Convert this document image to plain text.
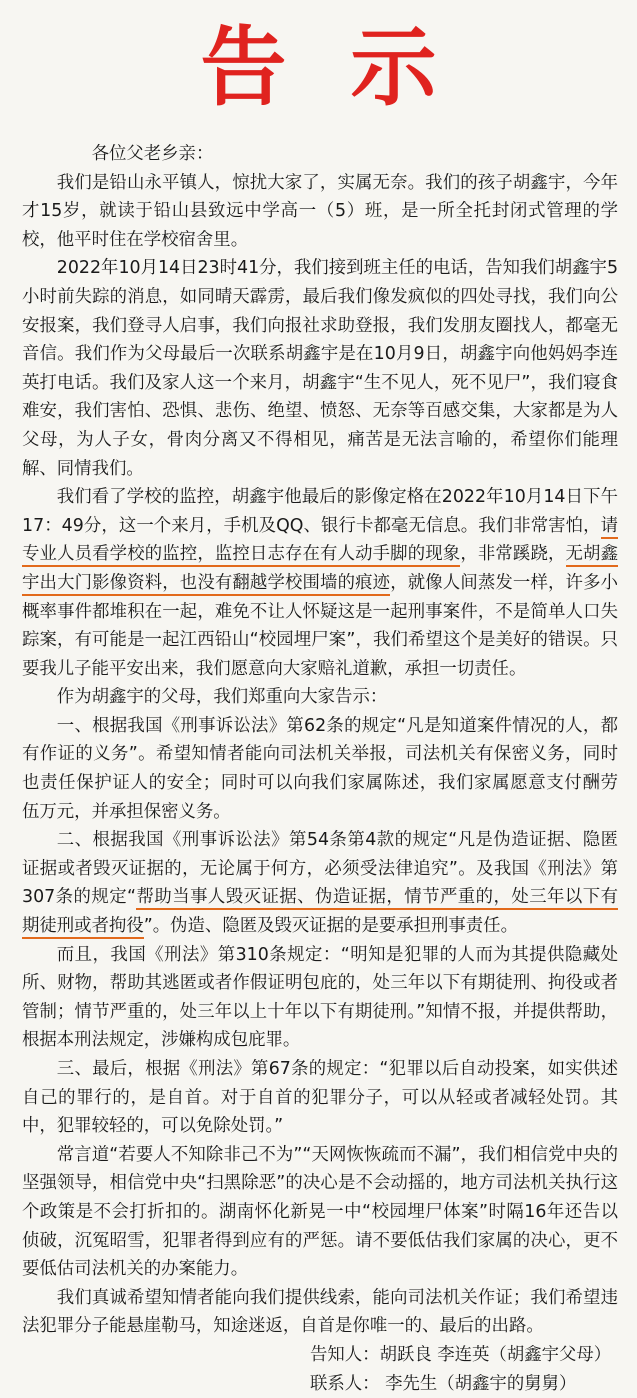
告示

各位父老乡亲：

我们是铅山永平镇人，惊扰大家了，实属无奈。我们的孩子胡鑫宇，今年才15岁，就读于铅山县致远中学高一（5）班，是一所全托封闭式管理的学校，他平时住在学校宿舍里。

2022年10月14日23时41分，我们接到班主任的电话，告知我们胡鑫宇5小时前失踪的消息，如同晴天霹雳，最后我们像发疯似的四处寻找，我们向公安报案，我们登寻人启事，我们向报社求助登报，我们发朋友圈找人，都毫无音信。我们作为父母最后一次联系胡鑫宇是在10月9日，胡鑫宇向他妈妈李连英打电话。我们及家人这一个来月，胡鑫宇“生不见人，死不见尸”，我们寝食难安，我们害怕、恐惧、悲伤、绝望、愤怒、无奈等百感交集，大家都是为人父母，为人子女，骨肉分离又不得相见，痛苦是无法言喻的，希望你们能理解、同情我们。

我们看了学校的监控，胡鑫宇他最后的影像定格在2022年10月14日下午17：49分，这一个来月，手机及QQ、银行卡都毫无信息。我们非常害怕，请专业人员看学校的监控，监控日志存在有人动手脚的现象，非常蹊跷，无胡鑫宇出大门影像资料，也没有翻越学校围墙的痕迹，就像人间蒸发一样，许多小概率事件都堆积在一起，难免不让人怀疑这是一起刑事案件，不是简单人口失踪案，有可能是一起江西铅山“校园埋尸案”，我们希望这个是美好的错误。只要我儿子能平安出来，我们愿意向大家赔礼道歉，承担一切责任。

作为胡鑫宇的父母，我们郑重向大家告示：

一、根据我国《刑事诉讼法》第62条的规定“凡是知道案件情况的人，都有作证的义务”。希望知情者能向司法机关举报，司法机关有保密义务，同时也责任保护证人的安全；同时可以向我们家属陈述，我们家属愿意支付酬劳 伍万元，并承担保密义务。

二、根据我国《刑事诉讼法》第54条第4款的规定“凡是伪造证据、隐匿证据或者毁灭证据的，无论属于何方，必须受法律追究”。及我国《刑法》第307条的规定“帮助当事人毁灭证据、伪造证据，情节严重的，处三年以下有期徒刑或者拘役”。伪造、隐匿及毁灭证据的是要承担刑事责任。

而且，我国《刑法》第310条规定：“明知是犯罪的人而为其提供隐藏处所、财物，帮助其逃匿或者作假证明包庇的，处三年以下有期徒刑、拘役或者管制；情节严重的，处三年以上十年以下有期徒刑。”知情不报，并提供帮助，根据本刑法规定，涉嫌构成包庇罪。

三、最后，根据《刑法》第67条的规定：“犯罪以后自动投案，如实供述自己的罪行的，是自首。对于自首的犯罪分子，可以从轻或者减轻处罚。其中，犯罪较轻的，可以免除处罚。”

常言道“若要人不知除非己不为”“天网恢恢疏而不漏”，我们相信党中央的坚强领导，相信党中央“扫黑除恶”的决心是不会动摇的，地方司法机关执行这个政策是不会打折扣的。湖南怀化新晃一中“校园埋尸体案”时隔16年还告以侦破，沉冤昭雪，犯罪者得到应有的严惩。请不要低估我们家属的决心，更不要低估司法机关的办案能力。

我们真诚希望知情者能向我们提供线索，能向司法机关作证；我们希望违法犯罪分子能悬崖勒马，知途迷返，自首是你唯一的、最后的出路。

告知人：胡跃良 李连英（胡鑫宇父母）

联系人： 李先生（胡鑫宇的舅舅）
